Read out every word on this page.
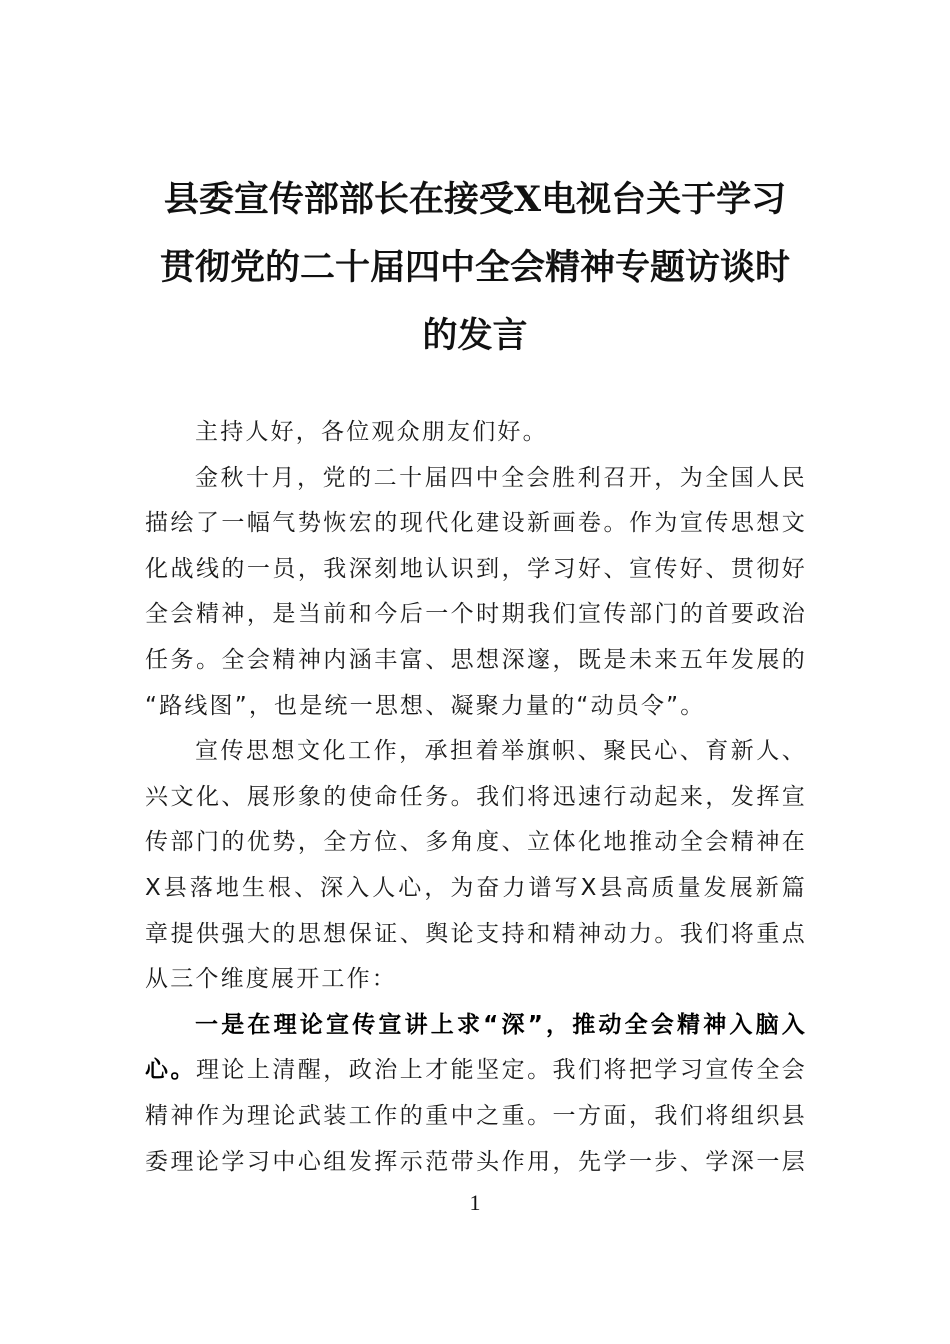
县委宣传部部长在接受X电视台关于学习
贯彻党的二十届四中全会精神专题访谈时
的发言
主持人好，各位观众朋友们好。
金秋十月，党的二十届四中全会胜利召开，为全国人民
描绘了一幅气势恢宏的现代化建设新画卷。作为宣传思想文
化战线的一员，我深刻地认识到，学习好、宣传好、贯彻好
全会精神，是当前和今后一个时期我们宣传部门的首要政治
任务。全会精神内涵丰富、思想深邃，既是未来五年发展的
“路线图”，也是统一思想、凝聚力量的“动员令”。
宣传思想文化工作，承担着举旗帜、聚民心、育新人、
兴文化、展形象的使命任务。我们将迅速行动起来，发挥宣
传部门的优势，全方位、多角度、立体化地推动全会精神在
X县落地生根、深入人心，为奋力谱写X县高质量发展新篇
章提供强大的思想保证、舆论支持和精神动力。我们将重点
从三个维度展开工作：
一是在理论宣传宣讲上求“深”，推动全会精神入脑入
心。理论上清醒，政治上才能坚定。我们将把学习宣传全会
精神作为理论武装工作的重中之重。一方面，我们将组织县
委理论学习中心组发挥示范带头作用，先学一步、学深一层
1
